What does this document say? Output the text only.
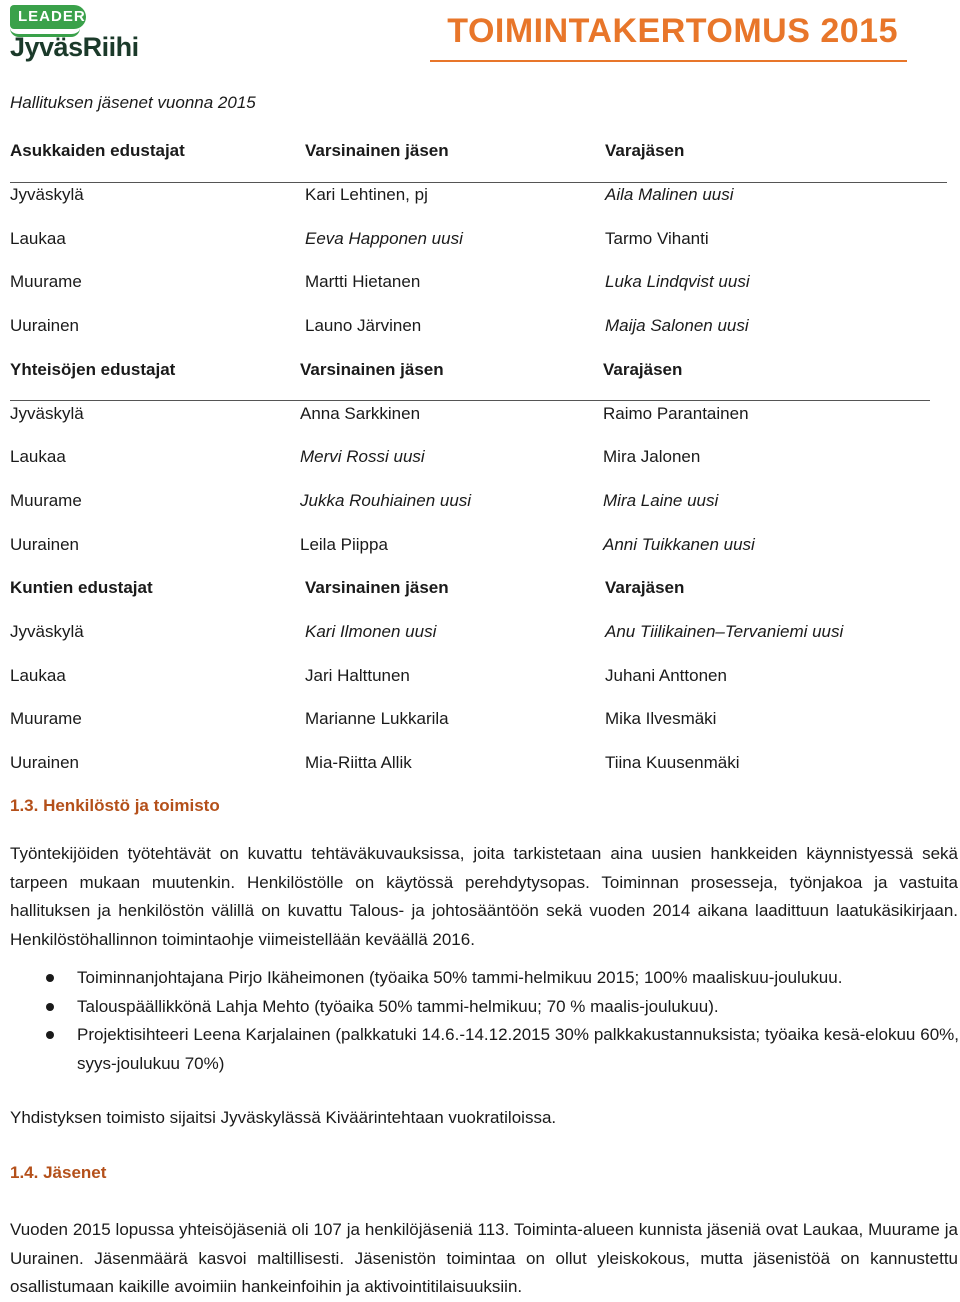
LEADER
JyväsRiihi	TOIMINTAKERTOMUS 2015
Hallituksen jäsenet vuonna 2015
Asukkaiden edustajat	Varsinainen jäsen	Varajäsen
Jyväskylä	Kari Lehtinen, pj	Aila Malinen uusi
Laukaa	Eeva Happonen uusi	Tarmo Vihanti
Muurame	Martti Hietanen	Luka Lindqvist uusi
Uurainen	Launo Järvinen	Maija Salonen uusi
Yhteisöjen edustajat	Varsinainen jäsen	Varajäsen
Jyväskylä	Anna Sarkkinen	Raimo Parantainen
Laukaa	Mervi Rossi uusi	Mira Jalonen
Muurame	Jukka Rouhiainen uusi	Mira Laine uusi
Uurainen	Leila Piippa	Anni Tuikkanen uusi
Kuntien edustajat	Varsinainen jäsen	Varajäsen
Jyväskylä	Kari Ilmonen uusi	Anu Tiilikainen–Tervaniemi uusi
Laukaa	Jari Halttunen	Juhani Anttonen
Muurame	Marianne Lukkarila	Mika Ilvesmäki
Uurainen	Mia-Riitta Allik	Tiina Kuusenmäki
1.3. Henkilöstö ja toimisto
Työntekijöiden työtehtävät on kuvattu tehtäväkuvauksissa, joita tarkistetaan aina uusien hankkeiden käynnistyessä sekä tarpeen mukaan muutenkin. Henkilöstölle on käytössä perehdytysopas. Toiminnan prosesseja, työnjakoa ja vastuita hallituksen ja henkilöstön välillä on kuvattu Talous- ja johtosääntöön sekä vuoden 2014 aikana laadittuun laatukäsikirjaan. Henkilöstöhallinnon toimintaohje viimeistellään keväällä 2016.
Toiminnanjohtajana Pirjo Ikäheimonen (työaika 50% tammi-helmikuu 2015; 100% maaliskuu-joulukuu.
Talouspäällikkönä Lahja Mehto (työaika 50% tammi-helmikuu; 70 % maalis-joulukuu).
Projektisihteeri Leena Karjalainen (palkkatuki 14.6.-14.12.2015 30% palkkakustannuksista; työaika kesä-elokuu 60%, syys-joulukuu 70%)
Yhdistyksen toimisto sijaitsi Jyväskylässä Kiväärintehtaan vuokratiloissa.
1.4. Jäsenet
Vuoden 2015 lopussa yhteisöjäseniä oli 107 ja henkilöjäseniä 113. Toiminta-alueen kunnista jäseniä ovat Laukaa, Muurame ja Uurainen. Jäsenmäärä kasvoi maltillisesti. Jäsenistön toimintaa on ollut yleiskokous, mutta jäsenistöä on kannustettu osallistumaan kaikille avoimiin hankeinfoihin ja aktivointitilaisuuksiin.
